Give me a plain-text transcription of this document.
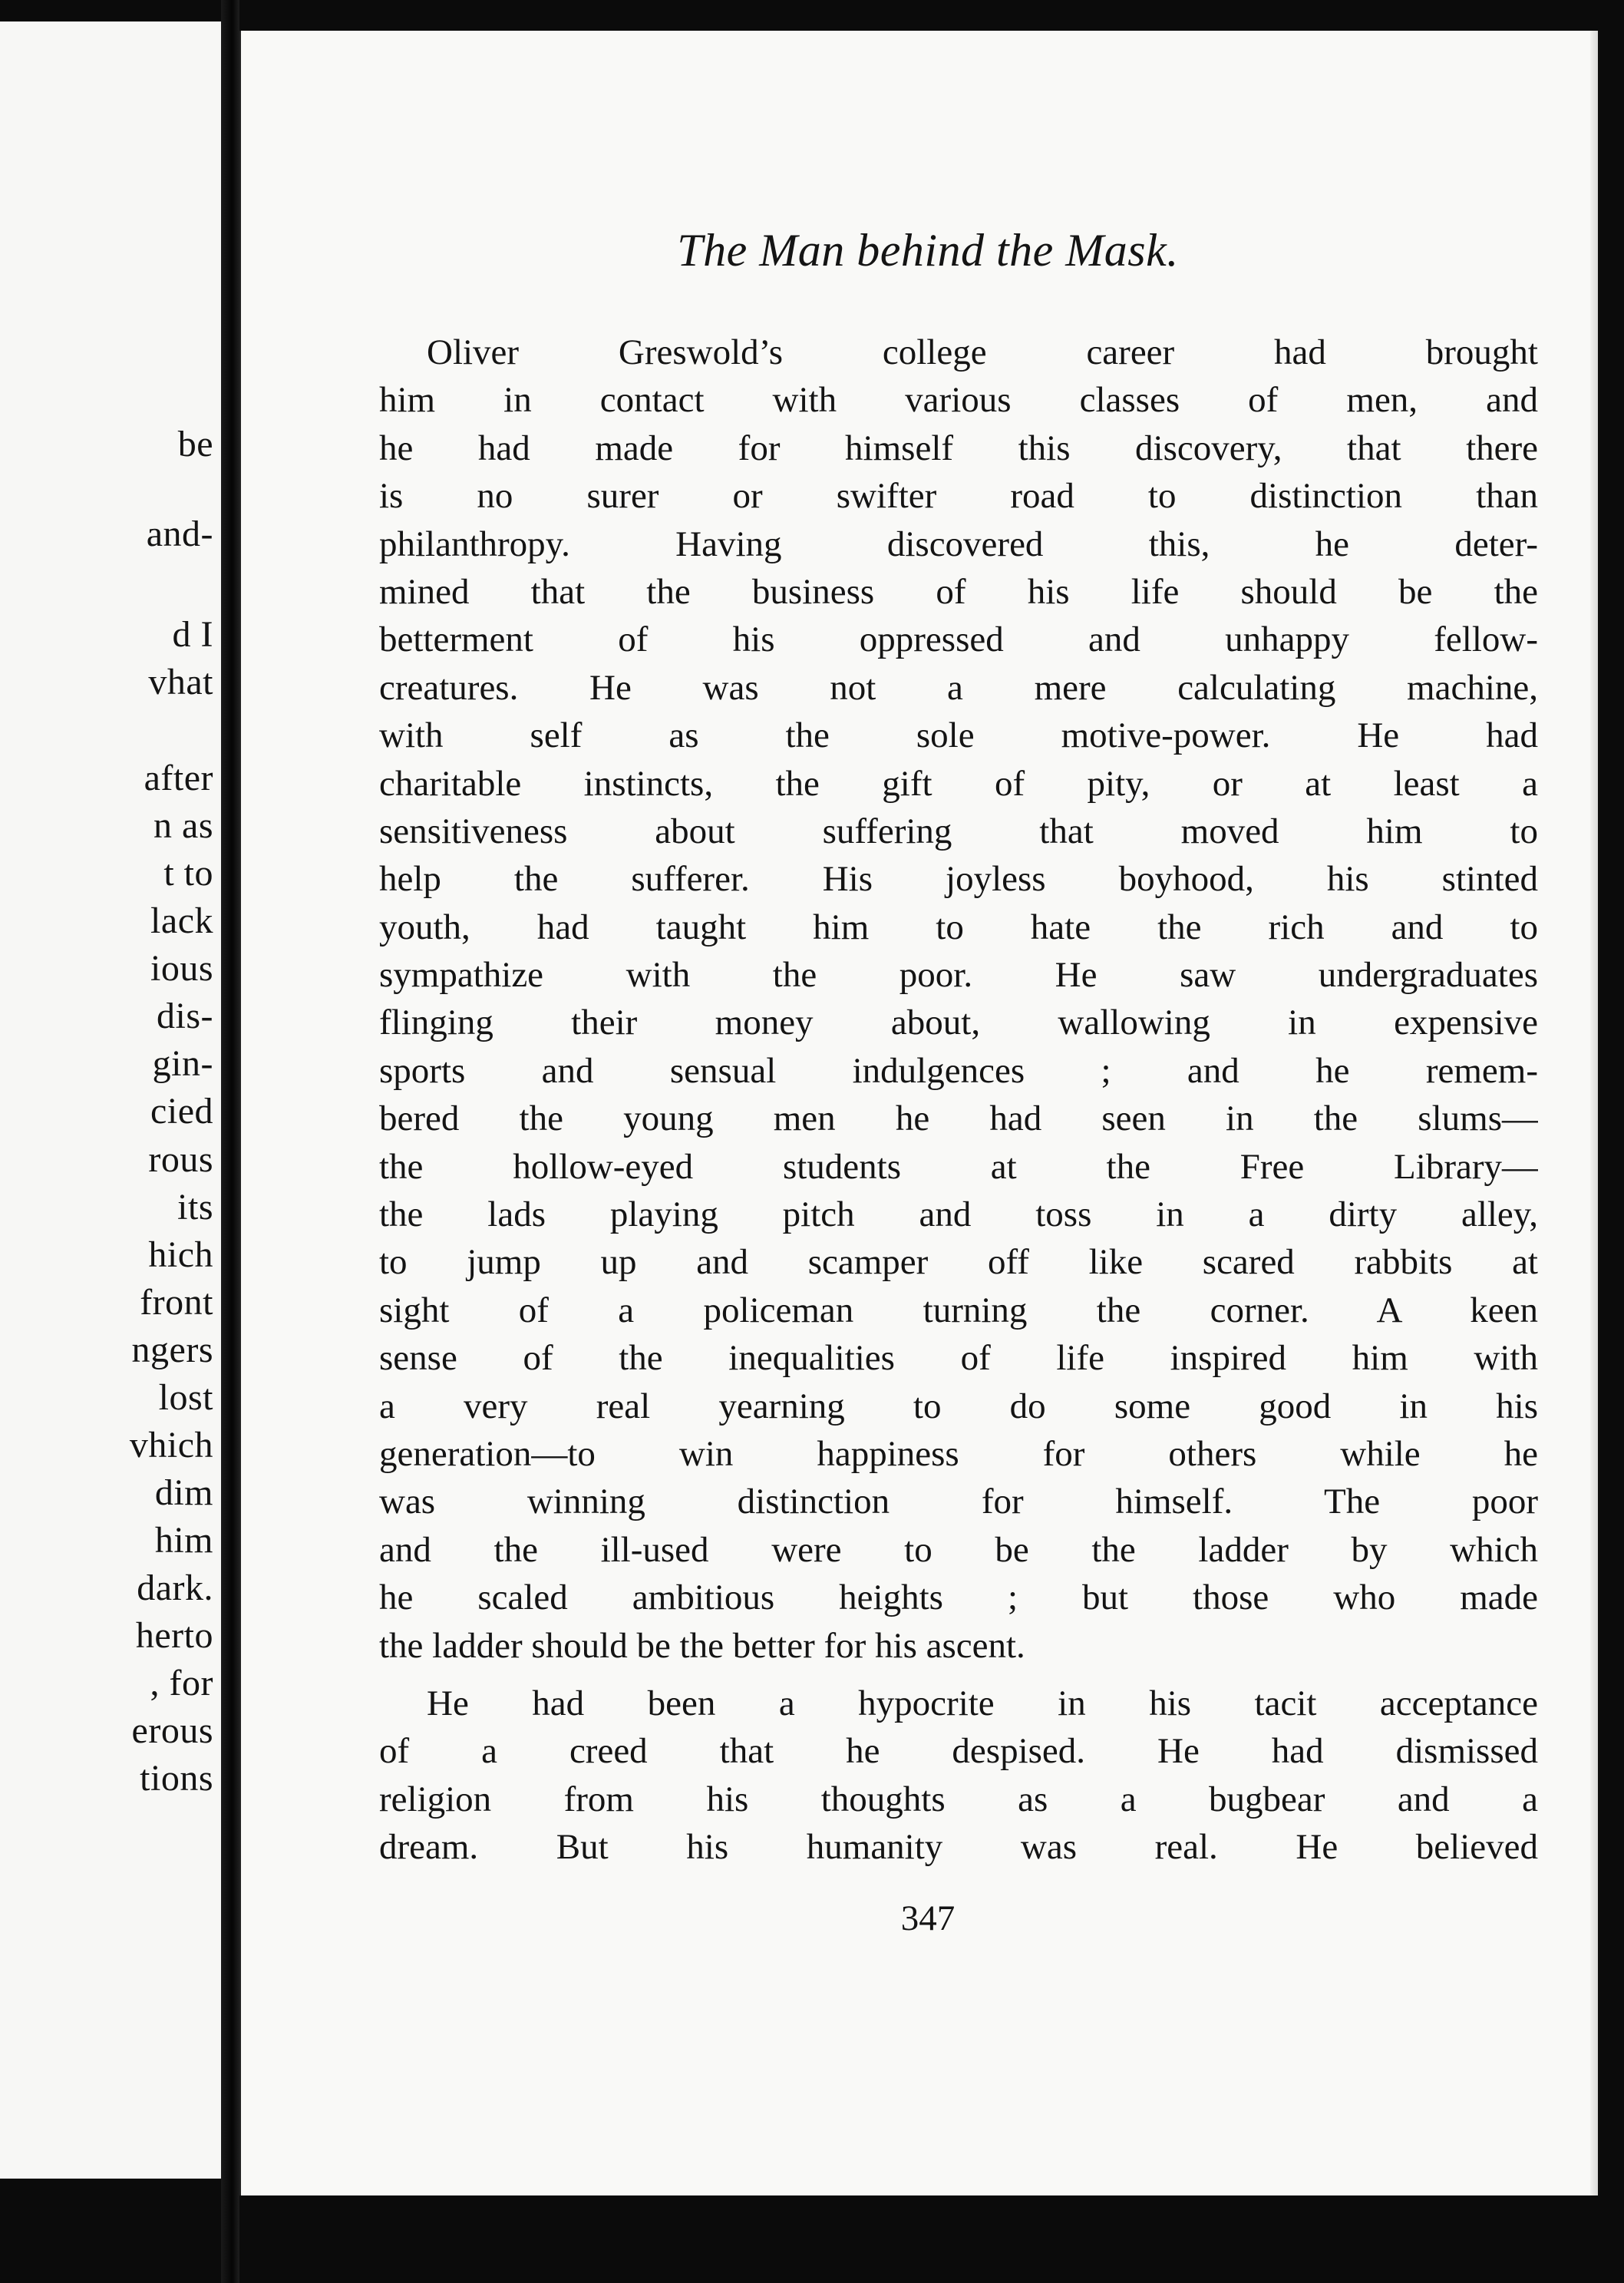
be
and-
d I
vhat
after
n as
t to
lack
ious
dis-
gin-
cied
rous
its
hich
front
ngers
lost
vhich
dim
him
dark.
herto
, for
erous
tions
The Man behind the Mask.
Oliver Greswold’s college career had brought
him in contact with various classes of men, and
he had made for himself this discovery, that there
is no surer or swifter road to distinction than
philanthropy. Having discovered this, he deter-
mined that the business of his life should be the
betterment of his oppressed and unhappy fellow-
creatures. He was not a mere calculating machine,
with self as the sole motive-power. He had
charitable instincts, the gift of pity, or at least a
sensitiveness about suffering that moved him to
help the sufferer. His joyless boyhood, his stinted
youth, had taught him to hate the rich and to
sympathize with the poor. He saw undergraduates
flinging their money about, wallowing in expensive
sports and sensual indulgences ; and he remem-
bered the young men he had seen in the slums—
the hollow-eyed students at the Free Library—
the lads playing pitch and toss in a dirty alley,
to jump up and scamper off like scared rabbits at
sight of a policeman turning the corner. A keen
sense of the inequalities of life inspired him with
a very real yearning to do some good in his
generation—to win happiness for others while he
was winning distinction for himself. The poor
and the ill-used were to be the ladder by which
he scaled ambitious heights ; but those who made
the ladder should be the better for his ascent.
He had been a hypocrite in his tacit acceptance
of a creed that he despised. He had dismissed
religion from his thoughts as a bugbear and a
dream. But his humanity was real. He believed
347
